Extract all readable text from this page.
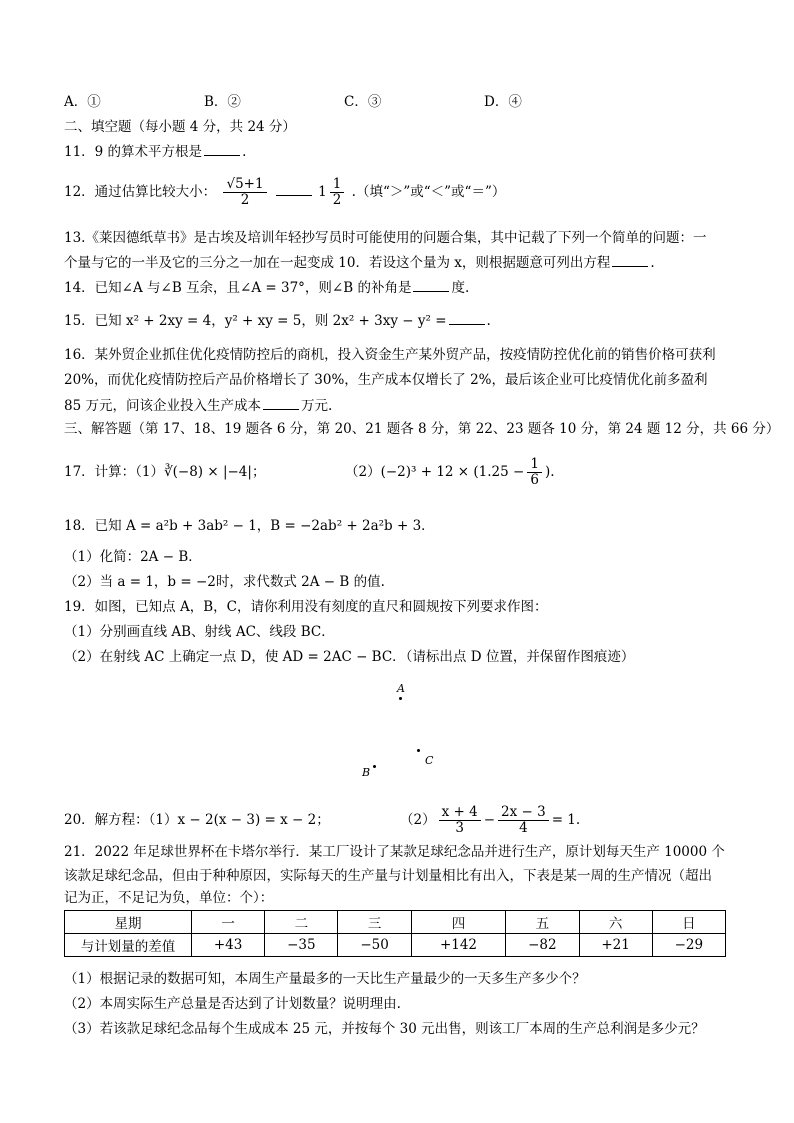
A．①	B．②	C．③	D．④
二、填空题（每小题 4 分，共 24 分）
11．9 的算术平方根是	.
12．通过估算比较大小： $\frac{√5+1}{2}$	$1 \frac{1}{2}$ .（填“＞”或“＜”或“＝”）
13.《莱因德纸草书》是古埃及培训年轻抄写员时可能使用的问题合集，其中记载了下列一个简单的问题：一
个量与它的一半及它的三分之一加在一起变成 10．若设这个量为 x，则根据题意可列出方程	.
14．已知∠A 与∠B 互余，且∠A = 37°，则∠B 的补角是	度.
15．已知 x² + 2xy = 4，y² + xy = 5，则 2x² + 3xy − y² =	.
16．某外贸企业抓住优化疫情防控后的商机，投入资金生产某外贸产品，按疫情防控优化前的销售价格可获利
20%，而优化疫情防控后产品价格增长了 30%，生产成本仅增长了 2%，最后该企业可比疫情优化前多盈利
85 万元，问该企业投入生产成本	万元.
三、解答题（第 17、18、19 题各 6 分，第 20、21 题各 8 分，第 22、23 题各 10 分，第 24 题 12 分，共 66 分）
17．计算：（1）∛(−8) × |−4|；	$(2)(-2)^3 + 12 \times (1.25 - \frac{1}{6}$ ).
18．已知 A = a²b + 3ab² − 1，B = −2ab² + 2a²b + 3．
（1）化简：2A − B．
（2）当 a = 1，b = −2时，求代数式 2A − B 的值.
19．如图，已知点 A，B，C，请你利用没有刻度的直尺和圆规按下列要求作图：
（1）分别画直线 AB、射线 AC、线段 BC．
（2）在射线 AC 上确定一点 D，使 AD = 2AC − BC．（请标出点 D 位置，并保留作图痕迹）
A
C
B
20．解方程：（1）x − 2(x − 3) = x − 2；	$(2) \frac{x + 4}{3} - \frac{2x - 3}{4} = 1$.
21．2022 年足球世界杯在卡塔尔举行．某工厂设计了某款足球纪念品并进行生产，原计划每天生产 10000 个
该款足球纪念品，但由于种种原因，实际每天的生产量与计划量相比有出入，下表是某一周的生产情况（超出
记为正，不足记为负，单位：个）：
星期	一	二	三	四	五	六	日
与计划量的差值	+43	−35	−50	+142	−82	+21	−29
（1）根据记录的数据可知，本周生产量最多的一天比生产量最少的一天多生产多少个？
（2）本周实际生产总量是否达到了计划数量？说明理由.
（3）若该款足球纪念品每个生成成本 25 元，并按每个 30 元出售，则该工厂本周的生产总利润是多少元？
